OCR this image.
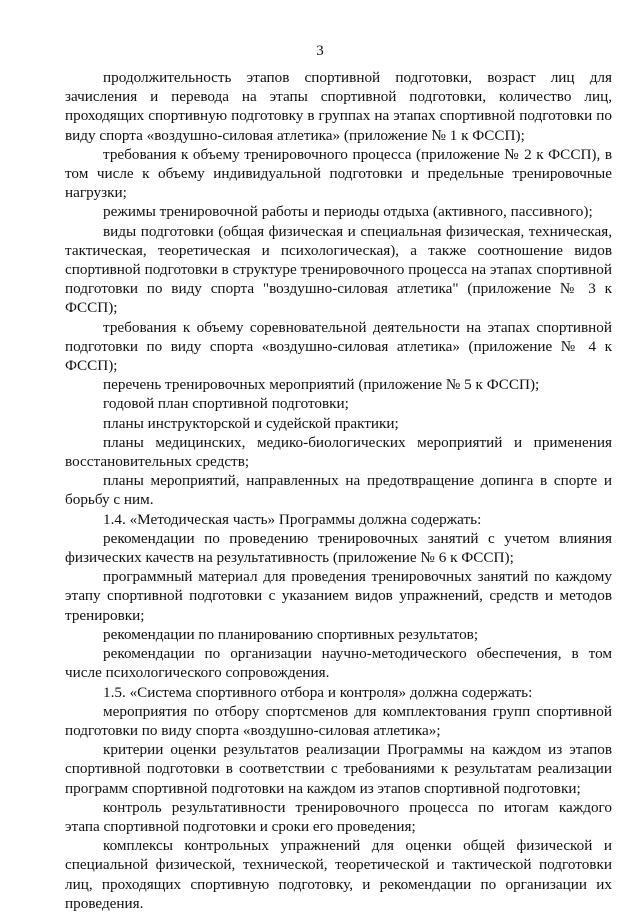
3

продолжительность этапов спортивной подготовки, возраст лиц для зачисления и перевода на этапы спортивной подготовки, количество лиц, проходящих спортивную подготовку в группах на этапах спортивной подготовки по виду спорта «воздушно-силовая атлетика» (приложение № 1 к ФССП);

требования к объему тренировочного процесса (приложение № 2 к ФССП), в том числе к объему индивидуальной подготовки и предельные тренировочные нагрузки;

режимы тренировочной работы и периоды отдыха (активного, пассивного);

виды подготовки (общая физическая и специальная физическая, техническая, тактическая, теоретическая и психологическая), а также соотношение видов спортивной подготовки в структуре тренировочного процесса на этапах спортивной подготовки по виду спорта "воздушно-силовая атлетика" (приложение № 3 к ФССП);

требования к объему соревновательной деятельности на этапах спортивной подготовки по виду спорта «воздушно-силовая атлетика» (приложение № 4 к ФССП);

перечень тренировочных мероприятий (приложение № 5 к ФССП);

годовой план спортивной подготовки;

планы инструкторской и судейской практики;

планы медицинских, медико-биологических мероприятий и применения восстановительных средств;

планы мероприятий, направленных на предотвращение допинга в спорте и борьбу с ним.

1.4. «Методическая часть» Программы должна содержать:

рекомендации по проведению тренировочных занятий с учетом влияния физических качеств на результативность (приложение № 6 к ФССП);

программный материал для проведения тренировочных занятий по каждому этапу спортивной подготовки с указанием видов упражнений, средств и методов тренировки;

рекомендации по планированию спортивных результатов;

рекомендации по организации научно-методического обеспечения, в том числе психологического сопровождения.

1.5. «Система спортивного отбора и контроля» должна содержать:

мероприятия по отбору спортсменов для комплектования групп спортивной подготовки по виду спорта «воздушно-силовая атлетика»;

критерии оценки результатов реализации Программы на каждом из этапов спортивной подготовки в соответствии с требованиями к результатам реализации программ спортивной подготовки на каждом из этапов спортивной подготовки;

контроль результативности тренировочного процесса по итогам каждого этапа спортивной подготовки и сроки его проведения;

комплексы контрольных упражнений для оценки общей физической и специальной физической, технической, теоретической и тактической подготовки лиц, проходящих спортивную подготовку, и рекомендации по организации их проведения.
